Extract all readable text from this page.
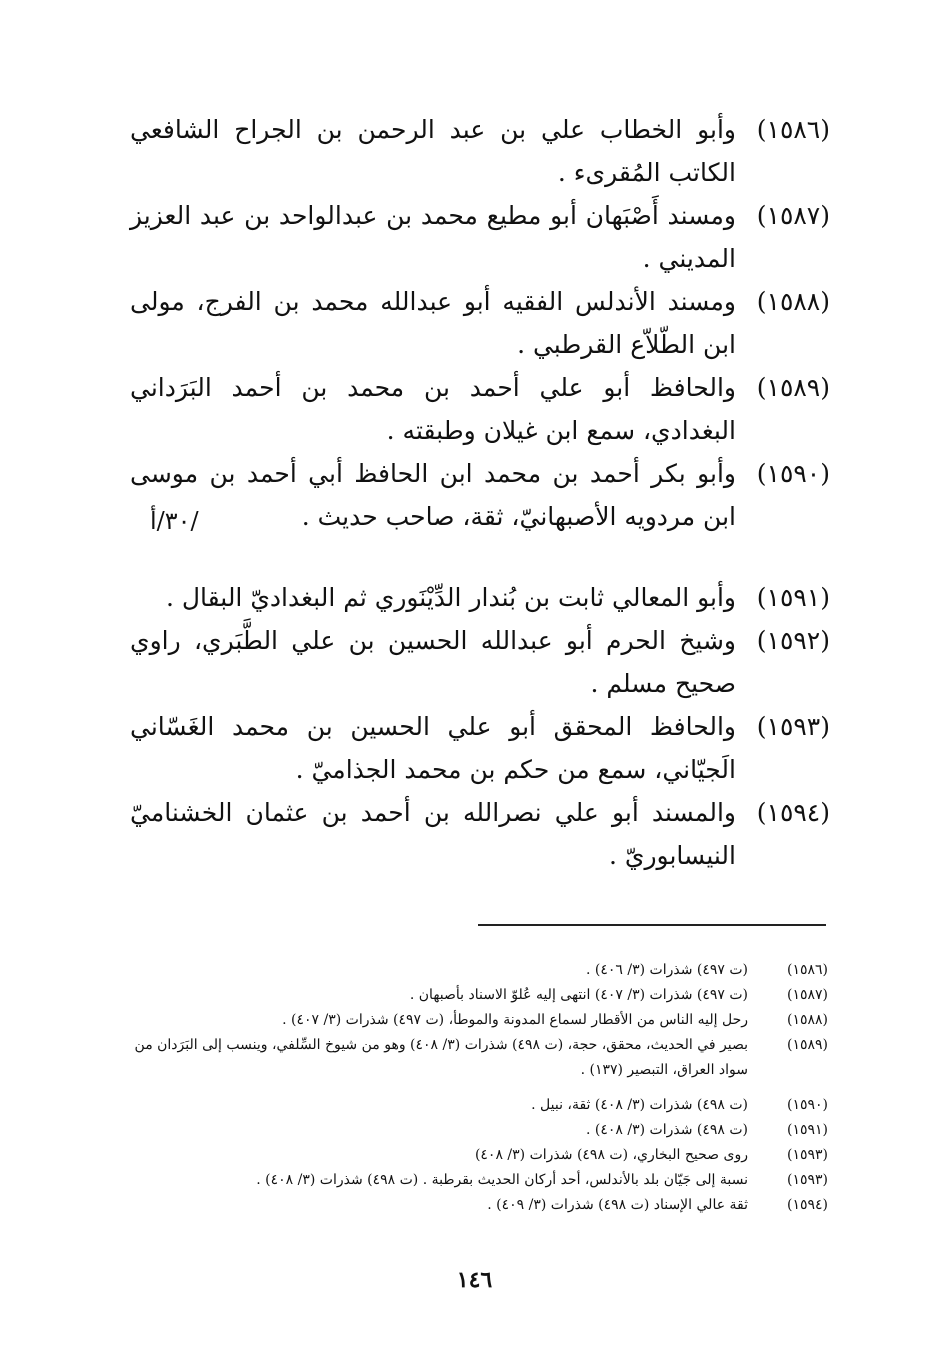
(١٥٨٦)وأبو الخطاب علي بن عبد الرحمن بن الجراح الشافعي الكاتب المُقرىء .

(١٥٨٧)ومسند أَصْبَهان أبو مطيع محمد بن عبدالواحد بن عبد العزيز المديني .

(١٥٨٨)ومسند الأندلس الفقيه أبو عبدالله محمد بن الفرج، مولى ابن الطّلاّع القرطبي .

(١٥٨٩)والحافظ أبو علي أحمد بن محمد بن أحمد البَرَداني البغدادي، سمع ابن غيلان وطبقته .

(١٥٩٠)وأبو بكر أحمد بن محمد ابن الحافظ أبي أحمد بن موسى ابن مردويه الأصبهانيّ، ثقة، صاحب حديث .

(١٥٩١)وأبو المعالي ثابت بن بُندار الدِّيْنَوري ثم البغداديّ البقال .

(١٥٩٢)وشيخ الحرم أبو عبدالله الحسين بن علي الطَّبَري، راوي صحيح مسلم .

(١٥٩٣)والحافظ المحقق أبو علي الحسين بن محمد الغَسّاني الَجيّاني، سمع من حكم بن محمد الجذاميّ .

(١٥٩٤)والمسند أبو علي نصرالله بن أحمد بن عثمان الخشناميّ النيسابوريّ .

/٣٠/أ

(١٥٨٦)(ت ٤٩٧) شذرات (٣/ ٤٠٦) .

(١٥٨٧)(ت ٤٩٧) شذرات (٣/ ٤٠٧) انتهى إليه عُلوّ الاسناد بأصبهان .

(١٥٨٨)رحل إليه الناس من الأقطار لسماع المدونة والموطأ، (ت ٤٩٧) شذرات (٣/ ٤٠٧) .

(١٥٨٩)بصير في الحديث، محقق، حجة، (ت ٤٩٨) شذرات (٣/ ٤٠٨) وهو من شيوخ السِّلفي، وينسب إلى البَرَدان من سواد العراق، التبصير (١٣٧) .

(١٥٩٠)(ت ٤٩٨) شذرات (٣/ ٤٠٨) ثقة، نبيل .

(١٥٩١)(ت ٤٩٨) شذرات (٣/ ٤٠٨) .

(١٥٩٣)روى صحيح البخاري، (ت ٤٩٨) شذرات (٣/ ٤٠٨)

(١٥٩٣)نسبة إلى جَيّان بلد بالأندلس، أحد أركان الحديث بقرطبة . (ت ٤٩٨) شذرات (٣/ ٤٠٨) .

(١٥٩٤)ثقة عالي الإسناد (ت ٤٩٨) شذرات (٣/ ٤٠٩) .

١٤٦
